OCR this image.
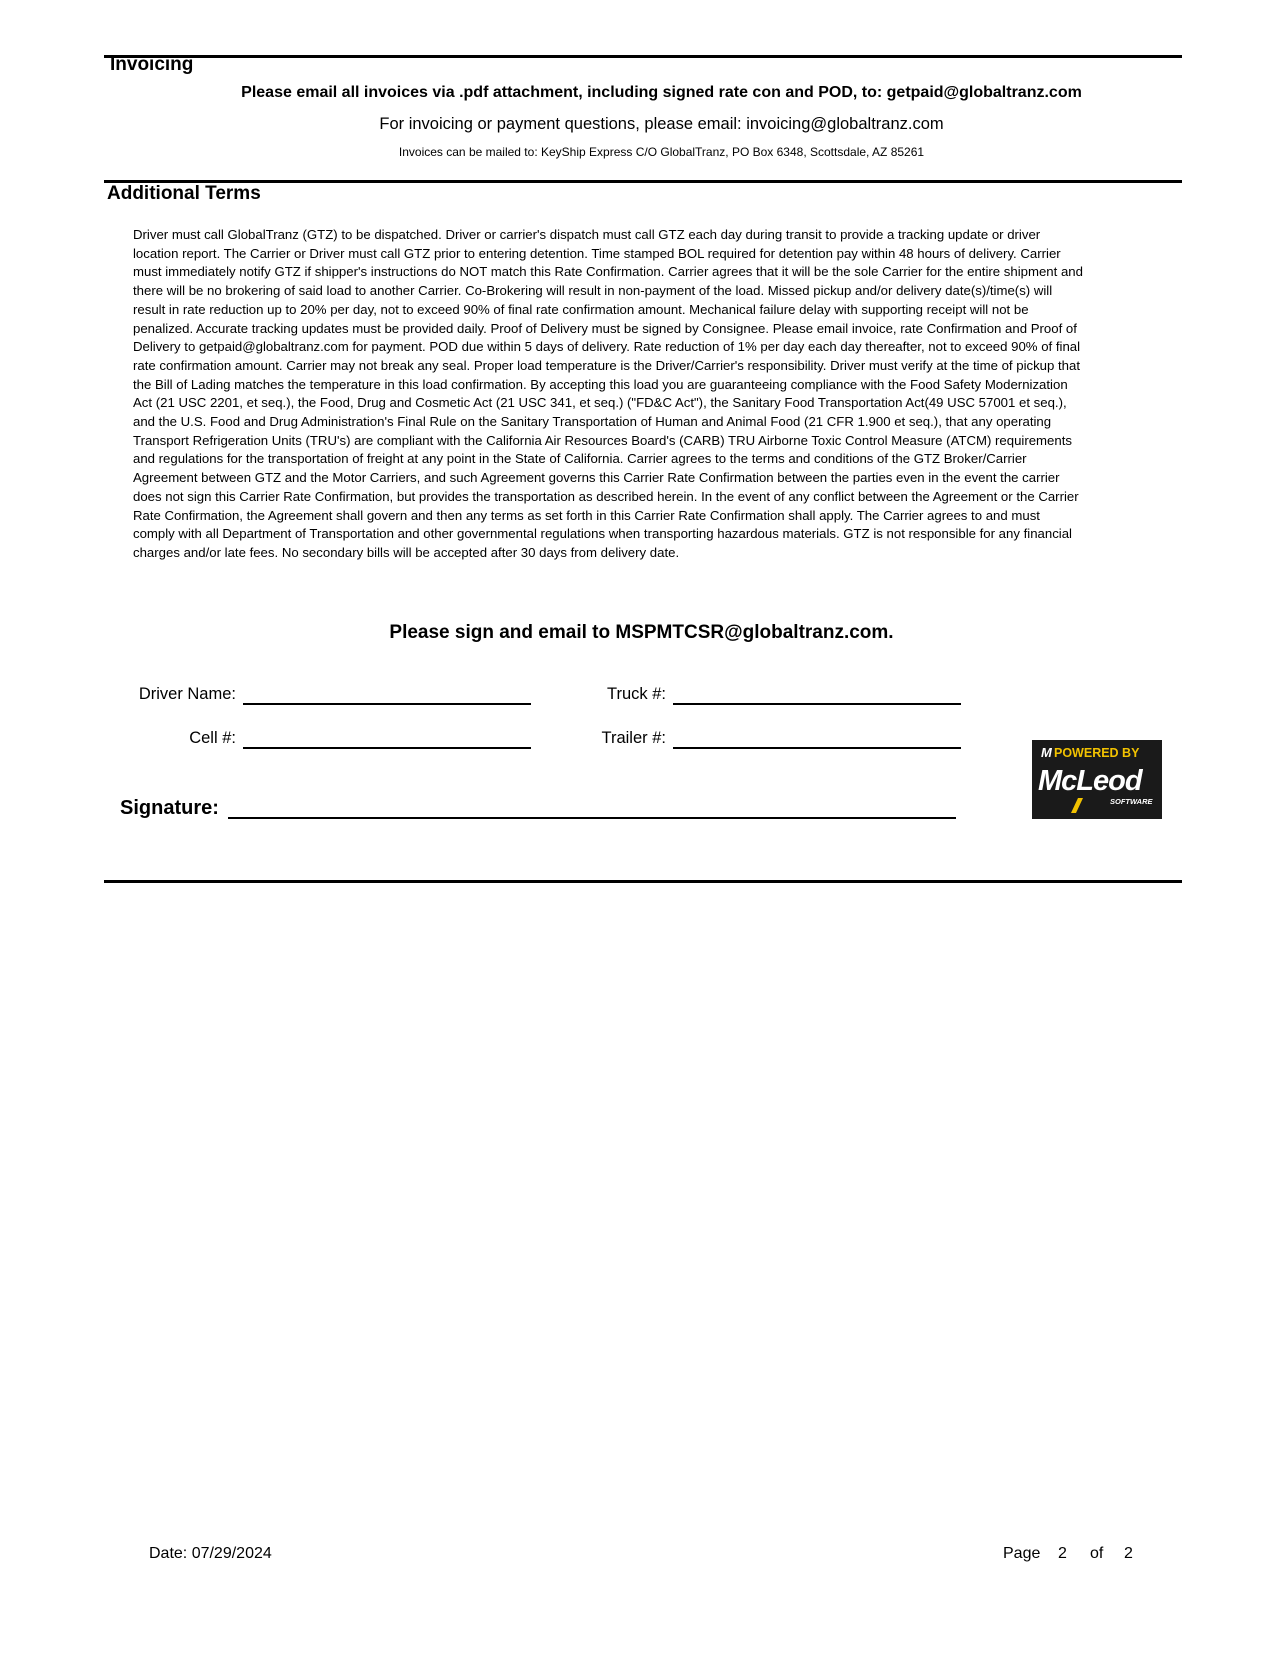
Invoicing
Please email all invoices via .pdf attachment, including signed rate con and POD, to: getpaid@globaltranz.com
For invoicing or payment questions, please email: invoicing@globaltranz.com
Invoices can be mailed to: KeyShip Express C/O GlobalTranz, PO Box 6348, Scottsdale, AZ 85261
Additional Terms
Driver must call GlobalTranz (GTZ) to be dispatched. Driver or carrier's dispatch must call GTZ each day during transit to provide a tracking update or driver location report. The Carrier or Driver must call GTZ prior to entering detention. Time stamped BOL required for detention pay within 48 hours of delivery. Carrier must immediately notify GTZ if shipper's instructions do NOT match this Rate Confirmation. Carrier agrees that it will be the sole Carrier for the entire shipment and there will be no brokering of said load to another Carrier. Co-Brokering will result in non-payment of the load. Missed pickup and/or delivery date(s)/time(s) will result in rate reduction up to 20% per day, not to exceed 90% of final rate confirmation amount. Mechanical failure delay with supporting receipt will not be penalized. Accurate tracking updates must be provided daily. Proof of Delivery must be signed by Consignee. Please email invoice, rate Confirmation and Proof of Delivery to getpaid@globaltranz.com for payment. POD due within 5 days of delivery. Rate reduction of 1% per day each day thereafter, not to exceed 90% of final rate confirmation amount. Carrier may not break any seal. Proper load temperature is the Driver/Carrier's responsibility. Driver must verify at the time of pickup that the Bill of Lading matches the temperature in this load confirmation. By accepting this load you are guaranteeing compliance with the Food Safety Modernization Act (21 USC 2201, et seq.), the Food, Drug and Cosmetic Act (21 USC 341, et seq.) ("FD&C Act"), the Sanitary Food Transportation Act(49 USC 57001 et seq.), and the U.S. Food and Drug Administration's Final Rule on the Sanitary Transportation of Human and Animal Food (21 CFR 1.900 et seq.), that any operating Transport Refrigeration Units (TRU's) are compliant with the California Air Resources Board's (CARB) TRU Airborne Toxic Control Measure (ATCM) requirements and regulations for the transportation of freight at any point in the State of California. Carrier agrees to the terms and conditions of the GTZ Broker/Carrier Agreement between GTZ and the Motor Carriers, and such Agreement governs this Carrier Rate Confirmation between the parties even in the event the carrier does not sign this Carrier Rate Confirmation, but provides the transportation as described herein. In the event of any conflict between the Agreement or the Carrier Rate Confirmation, the Agreement shall govern and then any terms as set forth in this Carrier Rate Confirmation shall apply. The Carrier agrees to and must comply with all Department of Transportation and other governmental regulations when transporting hazardous materials. GTZ is not responsible for any financial charges and/or late fees. No secondary bills will be accepted after 30 days from delivery date.
Please sign and email to MSPMTCSR@globaltranz.com.
Driver Name:	Truck #:
Cell #:	Trailer #:
Signature:
M POWERED BY
McLeod
SOFTWARE
Date: 07/29/2024	Page 2 of 2
